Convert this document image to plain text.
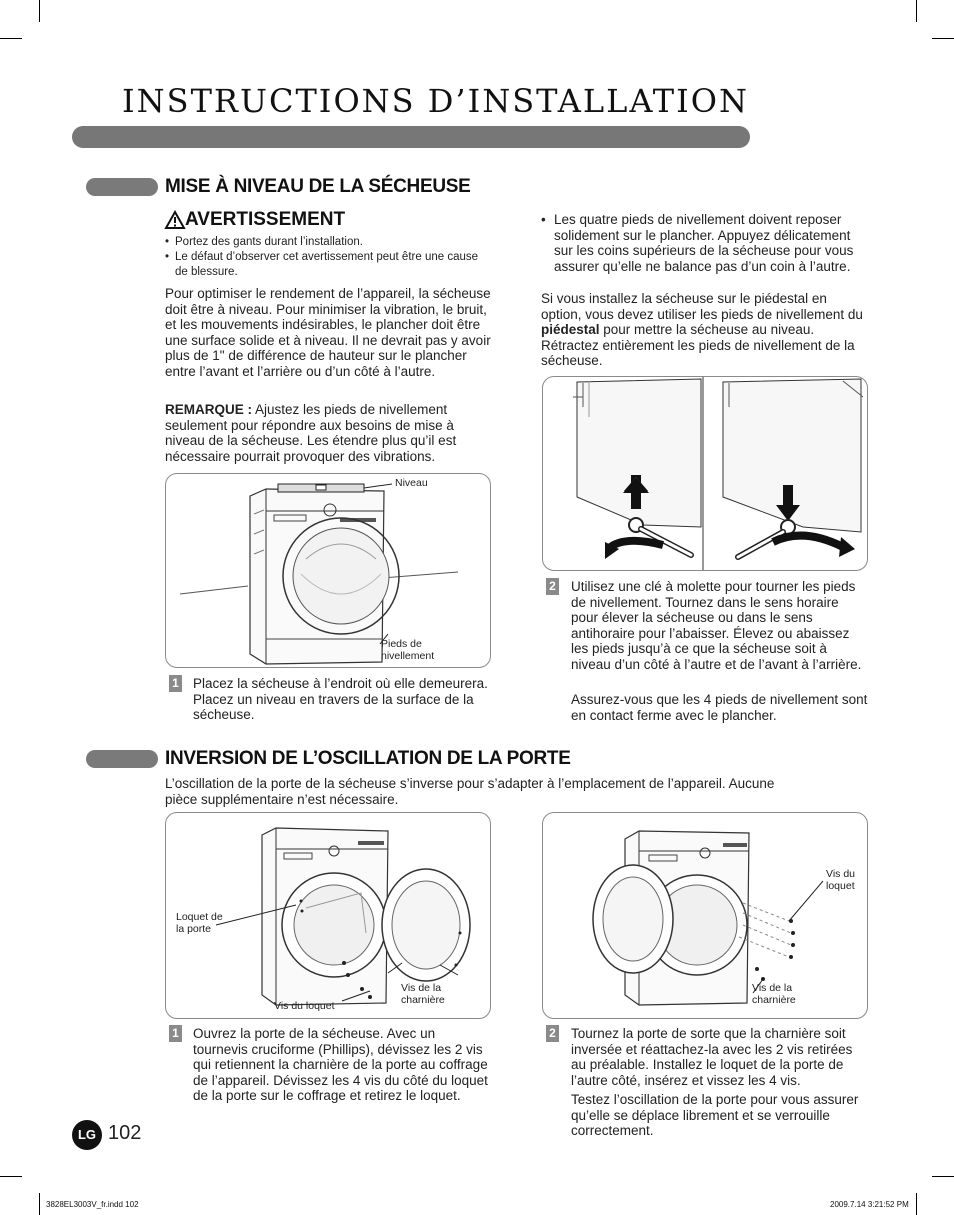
INSTRUCTIONS D’INSTALLATION
MISE À NIVEAU DE LA SÉCHEUSE
AVERTISSEMENT
• Portez des gants durant l’installation.
• Le défaut d’observer cet avertissement peut être une cause de blessure.
Pour optimiser le rendement de l’appareil, la sécheuse doit être à niveau. Pour minimiser la vibration, le bruit, et les mouvements indésirables, le plancher doit être une surface solide et à niveau. Il ne devrait pas y avoir plus de 1" de différence de hauteur sur le plancher entre l’avant et l’arrière ou d’un côté à l’autre.
REMARQUE : Ajustez les pieds de nivellement seulement pour répondre aux besoins de mise à niveau de la sécheuse. Les étendre plus qu’il est nécessaire pourrait provoquer des vibrations.
Niveau
Pieds de nivellement
1 Placez la sécheuse à l’endroit où elle demeurera. Placez un niveau en travers de la surface de la sécheuse.
• Les quatre pieds de nivellement doivent reposer solidement sur le plancher. Appuyez délicatement sur les coins supérieurs de la sécheuse pour vous assurer qu’elle ne balance pas d’un coin à l’autre.
Si vous installez la sécheuse sur le piédestal en option, vous devez utiliser les pieds de nivellement du piédestal pour mettre la sécheuse au niveau. Rétractez entièrement les pieds de nivellement de la sécheuse.
2 Utilisez une clé à molette pour tourner les pieds de nivellement. Tournez dans le sens horaire pour élever la sécheuse ou dans le sens antihoraire pour l’abaisser. Élevez ou abaissez les pieds jusqu’à ce que la sécheuse soit à niveau d’un côté à l’autre et de l’avant à l’arrière.
Assurez-vous que les 4 pieds de nivellement sont en contact ferme avec le plancher.
INVERSION DE L’OSCILLATION DE LA PORTE
L’oscillation de la porte de la sécheuse s’inverse pour s’adapter à l’emplacement de l’appareil. Aucune pièce supplémentaire n’est nécessaire.
Loquet de la porte
Vis du loquet
Vis de la charnière
1 Ouvrez la porte de la sécheuse. Avec un tournevis cruciforme (Phillips), dévissez les 2 vis qui retiennent la charnière de la porte au coffrage de l’appareil. Dévissez les 4 vis du côté du loquet de la porte sur le coffrage et retirez le loquet.
Vis du loquet
Vis de la charnière
2 Tournez la porte de sorte que la charnière soit inversée et réattachez-la avec les 2 vis retirées au préalable. Installez le loquet de la porte de l’autre côté, insérez et vissez les 4 vis.
Testez l’oscillation de la porte pour vous assurer qu’elle se déplace librement et se verrouille correctement.
LG 102
3828EL3003V_fr.indd 102	2009.7.14 3:21:52 PM
